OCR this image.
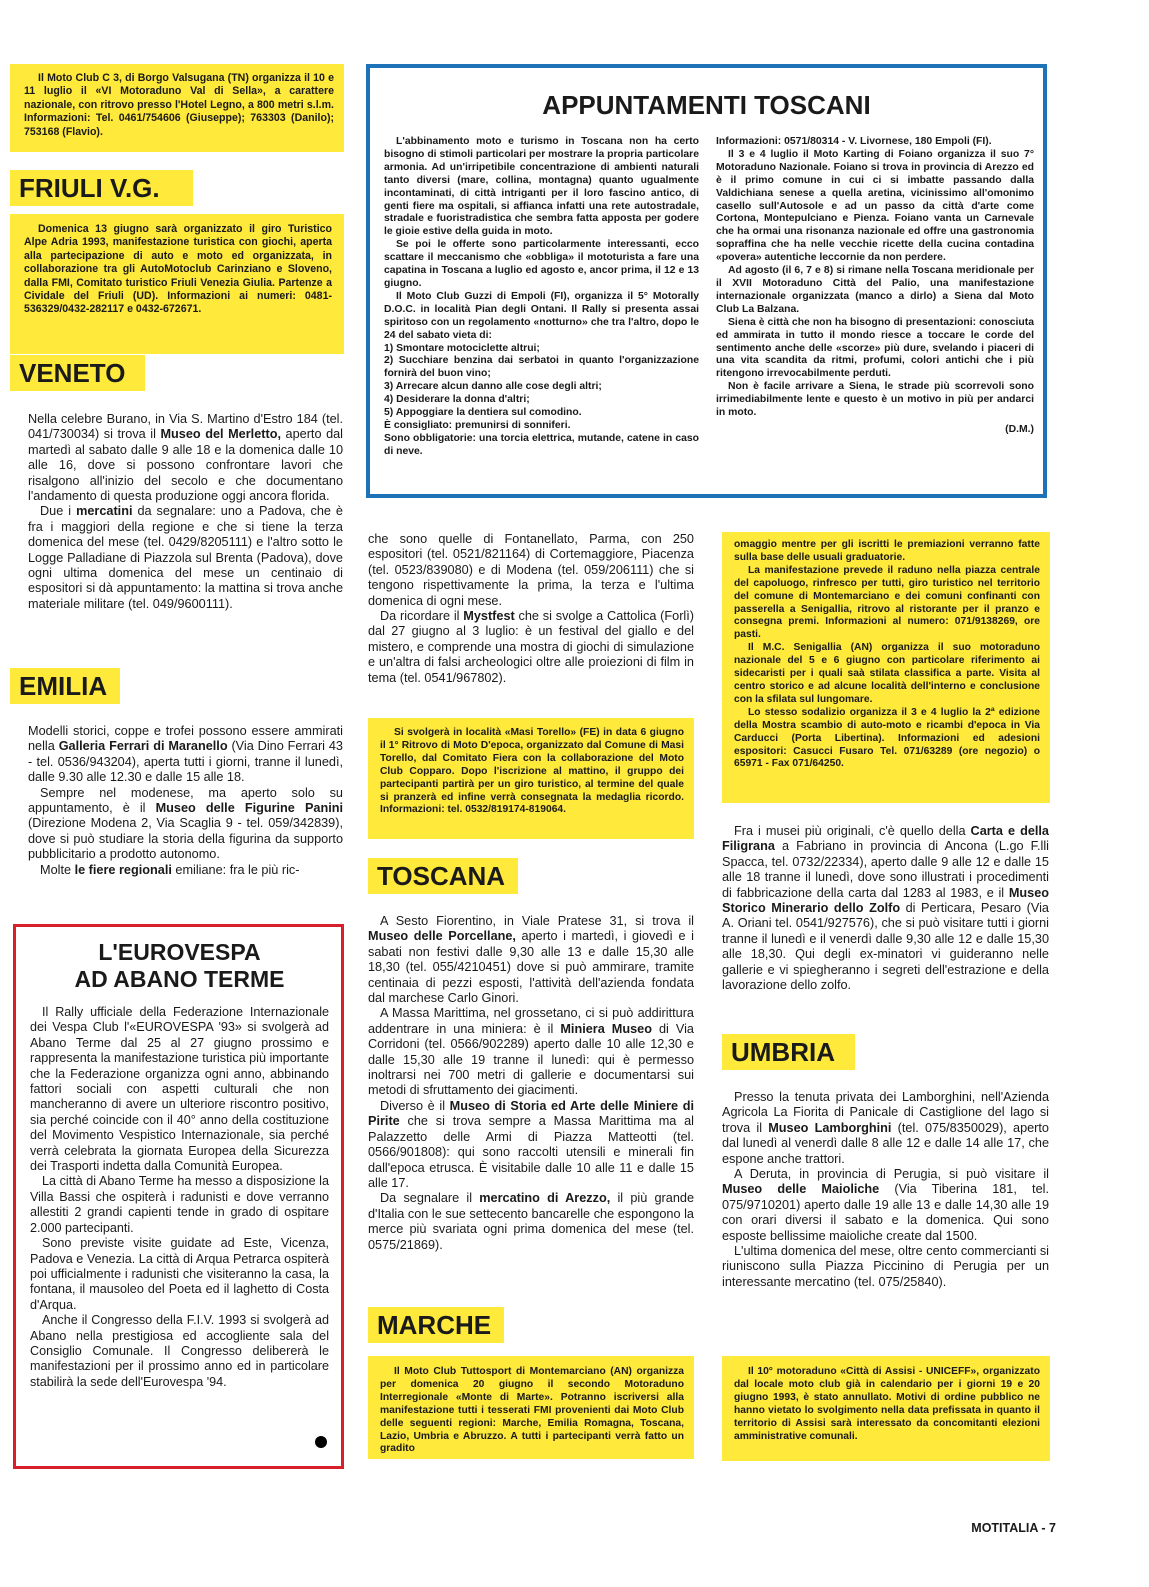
Il Moto Club C 3, di Borgo Valsugana (TN) organizza il 10 e 11 luglio il «VI Motoraduno Val di Sella», a carattere nazionale, con ritrovo presso l'Hotel Legno, a 800 metri s.l.m. Informazioni: Tel. 0461/754606 (Giuseppe); 763303 (Danilo); 753168 (Flavio).

FRIULI V.G.

Domenica 13 giugno sarà organizzato il giro Turistico Alpe Adria 1993, manifestazione turistica con giochi, aperta alla partecipazione di auto e moto ed organizzata, in collaborazione tra gli AutoMotoclub Carinziano e Sloveno, dalla FMI, Comitato turistico Friuli Venezia Giulia. Partenze a Cividale del Friuli (UD). Informazioni ai numeri: 0481-536329/0432-282117 e 0432-672671.

VENETO

Nella celebre Burano, in Via S. Martino d'Estro 184 (tel. 041/730034) si trova il Museo del Merletto, aperto dal martedì al sabato dalle 9 alle 18 e la domenica dalle 10 alle 16, dove si possono confrontare lavori che risalgono all'inizio del secolo e che documentano l'andamento di questa produzione oggi ancora florida.

Due i mercatini da segnalare: uno a Padova, che è fra i maggiori della regione e che si tiene la terza domenica del mese (tel. 0429/8205111) e l'altro sotto le Logge Palladiane di Piazzola sul Brenta (Padova), dove ogni ultima domenica del mese un centinaio di espositori si dà appuntamento: la mattina si trova anche materiale militare (tel. 049/9600111).

EMILIA

Modelli storici, coppe e trofei possono essere ammirati nella Galleria Ferrari di Maranello (Via Dino Ferrari 43 - tel. 0536/943204), aperta tutti i giorni, tranne il lunedì, dalle 9.30 alle 12.30 e dalle 15 alle 18.

Sempre nel modenese, ma aperto solo su appuntamento, è il Museo delle Figurine Panini (Direzione Modena 2, Via Scaglia 9 - tel. 059/342839), dove si può studiare la storia della figurina da supporto pubblicitario a prodotto autonomo.

Molte le fiere regionali emiliane: fra le più ric-

L'EUROVESPA
AD ABANO TERME

Il Rally ufficiale della Federazione Internazionale dei Vespa Club l'«EUROVESPA '93» si svolgerà ad Abano Terme dal 25 al 27 giugno prossimo e rappresenta la manifestazione turistica più importante che la Federazione organizza ogni anno, abbinando fattori sociali con aspetti culturali che non mancheranno di avere un ulteriore riscontro positivo, sia perché coincide con il 40° anno della costituzione del Movimento Vespistico Internazionale, sia perché verrà celebrata la giornata Europea della Sicurezza dei Trasporti indetta dalla Comunità Europea.

La città di Abano Terme ha messo a disposizione la Villa Bassi che ospiterà i radunisti e dove verranno allestiti 2 grandi capienti tende in grado di ospitare 2.000 partecipanti.

Sono previste visite guidate ad Este, Vicenza, Padova e Venezia. La città di Arqua Petrarca ospiterà poi ufficialmente i radunisti che visiteranno la casa, la fontana, il mausoleo del Poeta ed il laghetto di Costa d'Arqua.

Anche il Congresso della F.I.V. 1993 si svolgerà ad Abano nella prestigiosa ed accogliente sala del Consiglio Comunale. Il Congresso delibererà le manifestazioni per il prossimo anno ed in particolare stabilirà la sede dell'Eurovespa '94.

APPUNTAMENTI TOSCANI

L'abbinamento moto e turismo in Toscana non ha certo bisogno di stimoli particolari per mostrare la propria particolare armonia. Ad un'irripetibile concentrazione di ambienti naturali tanto diversi (mare, collina, montagna) quanto ugualmente incontaminati, di città intriganti per il loro fascino antico, di genti fiere ma ospitali, si affianca infatti una rete autostradale, stradale e fuoristradistica che sembra fatta apposta per godere le gioie estive della guida in moto.

Se poi le offerte sono particolarmente interessanti, ecco scattare il meccanismo che «obbliga» il mototurista a fare una capatina in Toscana a luglio ed agosto e, ancor prima, il 12 e 13 giugno.

Il Moto Club Guzzi di Empoli (FI), organizza il 5° Motorally D.O.C. in località Pian degli Ontani. Il Rally si presenta assai spiritoso con un regolamento «notturno» che tra l'altro, dopo le 24 del sabato vieta di:

1) Smontare motociclette altrui;

2) Succhiare benzina dai serbatoi in quanto l'organizzazione fornirà del buon vino;

3) Arrecare alcun danno alle cose degli altri;

4) Desiderare la donna d'altri;

5) Appoggiare la dentiera sul comodino.

È consigliato: premunirsi di sonniferi.

Sono obbligatorie: una torcia elettrica, mutande, catene in caso di neve.

Informazioni: 0571/80314 - V. Livornese, 180 Empoli (FI).

Il 3 e 4 luglio il Moto Karting di Foiano organizza il suo 7° Motoraduno Nazionale. Foiano si trova in provincia di Arezzo ed è il primo comune in cui ci si imbatte passando dalla Valdichiana senese a quella aretina, vicinissimo all'omonimo casello sull'Autosole e ad un passo da città d'arte come Cortona, Montepulciano e Pienza. Foiano vanta un Carnevale che ha ormai una risonanza nazionale ed offre una gastronomia sopraffina che ha nelle vecchie ricette della cucina contadina «povera» autentiche leccornie da non perdere.

Ad agosto (il 6, 7 e 8) si rimane nella Toscana meridionale per il XVII Motoraduno Città del Palio, una manifestazione internazionale organizzata (manco a dirlo) a Siena dal Moto Club La Balzana.

Siena è città che non ha bisogno di presentazioni: conosciuta ed ammirata in tutto il mondo riesce a toccare le corde del sentimento anche delle «scorze» più dure, svelando i piaceri di una vita scandita da ritmi, profumi, colori antichi che i più ritengono irrevocabilmente perduti.

Non è facile arrivare a Siena, le strade più scorrevoli sono irrimediabilmente lente e questo è un motivo in più per andarci in moto.

(D.M.)

che sono quelle di Fontanellato, Parma, con 250 espositori (tel. 0521/821164) di Cortemaggiore, Piacenza (tel. 0523/839080) e di Modena (tel. 059/206111) che si tengono rispettivamente la prima, la terza e l'ultima domenica di ogni mese.

Da ricordare il Mystfest che si svolge a Cattolica (Forlì) dal 27 giugno al 3 luglio: è un festival del giallo e del mistero, e comprende una mostra di giochi di simulazione e un'altra di falsi archeologici oltre alle proiezioni di film in tema (tel. 0541/967802).

Si svolgerà in località «Masi Torello» (FE) in data 6 giugno il 1° Ritrovo di Moto D'epoca, organizzato dal Comune di Masi Torello, dal Comitato Fiera con la collaborazione del Moto Club Copparo. Dopo l'iscrizione al mattino, il gruppo dei partecipanti partirà per un giro turistico, al termine del quale si pranzerà ed infine verrà consegnata la medaglia ricordo. Informazioni: tel. 0532/819174-819064.

TOSCANA

A Sesto Fiorentino, in Viale Pratese 31, si trova il Museo delle Porcellane, aperto i martedì, i giovedì e i sabati non festivi dalle 9,30 alle 13 e dalle 15,30 alle 18,30 (tel. 055/4210451) dove si può ammirare, tramite centinaia di pezzi esposti, l'attività dell'azienda fondata dal marchese Carlo Ginori.

A Massa Marittima, nel grossetano, ci si può addirittura addentrare in una miniera: è il Miniera Museo di Via Corridoni (tel. 0566/902289) aperto dalle 10 alle 12,30 e dalle 15,30 alle 19 tranne il lunedì: qui è permesso inoltrarsi nei 700 metri di gallerie e documentarsi sui metodi di sfruttamento dei giacimenti.

Diverso è il Museo di Storia ed Arte delle Miniere di Pirite che si trova sempre a Massa Marittima ma al Palazzetto delle Armi di Piazza Matteotti (tel. 0566/901808): qui sono raccolti utensili e minerali fin dall'epoca etrusca. È visitabile dalle 10 alle 11 e dalle 15 alle 17.

Da segnalare il mercatino di Arezzo, il più grande d'Italia con le sue settecento bancarelle che espongono la merce più svariata ogni prima domenica del mese (tel. 0575/21869).

MARCHE

Il Moto Club Tuttosport di Montemarciano (AN) organizza per domenica 20 giugno il secondo Motoraduno Interregionale «Monte di Marte». Potranno iscriversi alla manifestazione tutti i tesserati FMI provenienti dai Moto Club delle seguenti regioni: Marche, Emilia Romagna, Toscana, Lazio, Umbria e Abruzzo. A tutti i partecipanti verrà fatto un gradito

omaggio mentre per gli iscritti le premiazioni verranno fatte sulla base delle usuali graduatorie.

La manifestazione prevede il raduno nella piazza centrale del capoluogo, rinfresco per tutti, giro turistico nel territorio del comune di Montemarciano e dei comuni confinanti con passerella a Senigallia, ritrovo al ristorante per il pranzo e consegna premi. Informazioni al numero: 071/9138269, ore pasti.

Il M.C. Senigallia (AN) organizza il suo motoraduno nazionale del 5 e 6 giugno con particolare riferimento ai sidecaristi per i quali saà stilata classifica a parte. Visita al centro storico e ad alcune località dell'interno e conclusione con la sfilata sul lungomare.

Lo stesso sodalizio organizza il 3 e 4 luglio la 2ª edizione della Mostra scambio di auto-moto e ricambi d'epoca in Via Carducci (Porta Libertina). Informazioni ed adesioni espositori: Casucci Fusaro Tel. 071/63289 (ore negozio) o 65971 - Fax 071/64250.

Fra i musei più originali, c'è quello della Carta e della Filigrana a Fabriano in provincia di Ancona (L.go F.lli Spacca, tel. 0732/22334), aperto dalle 9 alle 12 e dalle 15 alle 18 tranne il lunedì, dove sono illustrati i procedimenti di fabbricazione della carta dal 1283 al 1983, e il Museo Storico Minerario dello Zolfo di Perticara, Pesaro (Via A. Oriani tel. 0541/927576), che si può visitare tutti i giorni tranne il lunedì e il venerdì dalle 9,30 alle 12 e dalle 15,30 alle 18,30. Qui degli ex-minatori vi guideranno nelle gallerie e vi spiegheranno i segreti dell'estrazione e della lavorazione dello zolfo.

UMBRIA

Presso la tenuta privata dei Lamborghini, nell'Azienda Agricola La Fiorita di Panicale di Castiglione del lago si trova il Museo Lamborghini (tel. 075/8350029), aperto dal lunedì al venerdì dalle 8 alle 12 e dalle 14 alle 17, che espone anche trattori.

A Deruta, in provincia di Perugia, si può visitare il Museo delle Maioliche (Via Tiberina 181, tel. 075/9710201) aperto dalle 19 alle 13 e dalle 14,30 alle 19 con orari diversi il sabato e la domenica. Qui sono esposte bellissime maioliche create dal 1500.

L'ultima domenica del mese, oltre cento commercianti si riuniscono sulla Piazza Piccinino di Perugia per un interessante mercatino (tel. 075/25840).

Il 10° motoraduno «Città di Assisi - UNICEFF», organizzato dal locale moto club già in calendario per i giorni 19 e 20 giugno 1993, è stato annullato. Motivi di ordine pubblico ne hanno vietato lo svolgimento nella data prefissata in quanto il territorio di Assisi sarà interessato da concomitanti elezioni amministrative comunali.

MOTITALIA - 7
